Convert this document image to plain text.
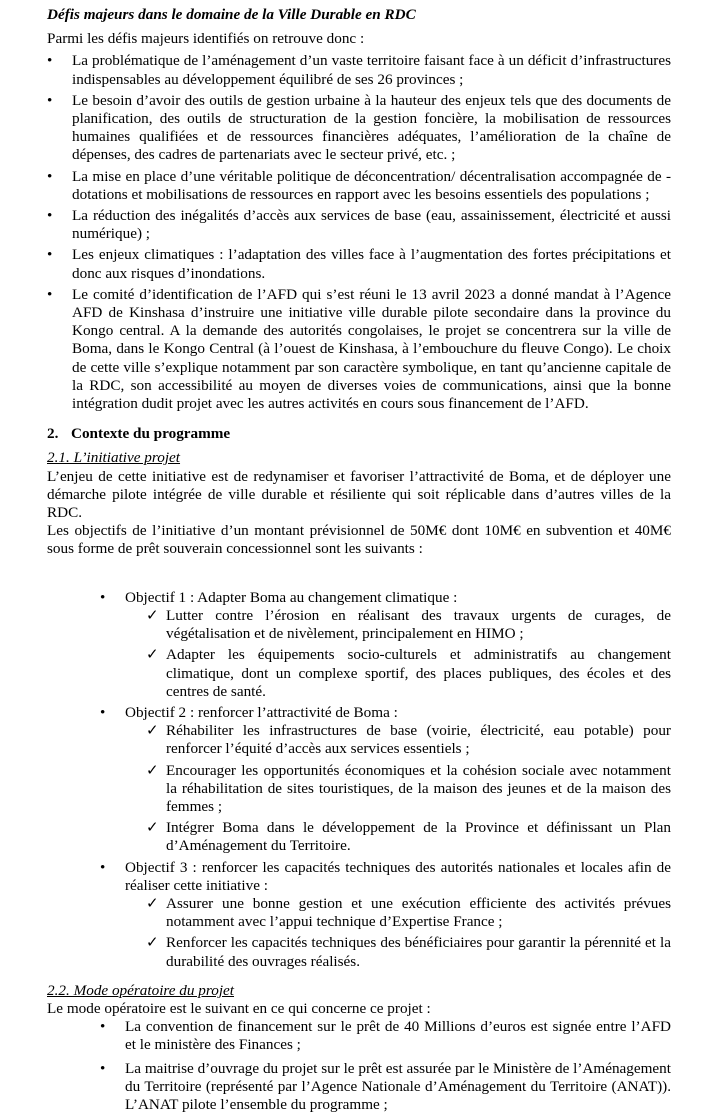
Défis majeurs dans le domaine de la Ville Durable en RDC

Parmi les défis majeurs identifiés on retrouve donc :

• La problématique de l’aménagement d’un vaste territoire faisant face à un déficit d’infrastructures indispensables au développement équilibré de ses 26 provinces ;
• Le besoin d’avoir des outils de gestion urbaine à la hauteur des enjeux tels que des documents de planification, des outils de structuration de la gestion foncière, la mobilisation de ressources humaines qualifiées et de ressources financières adéquates, l’amélioration de la chaîne de dépenses, des cadres de partenariats avec le secteur privé, etc. ;
• La mise en place d’une véritable politique de déconcentration/ décentralisation accompagnée de - dotations et mobilisations de ressources en rapport avec les besoins essentiels des populations ;
• La réduction des inégalités d’accès aux services de base (eau, assainissement, électricité et aussi numérique) ;
• Les enjeux climatiques : l’adaptation des villes face à l’augmentation des fortes précipitations et donc aux risques d’inondations.
• Le comité d’identification de l’AFD qui s’est réuni le 13 avril 2023 a donné mandat à l’Agence AFD de Kinshasa d’instruire une initiative ville durable pilote secondaire dans la province du Kongo central. A la demande des autorités congolaises, le projet se concentrera sur la ville de Boma, dans le Kongo Central (à l’ouest de Kinshasa, à l’embouchure du fleuve Congo). Le choix de cette ville s’explique notamment par son caractère symbolique, en tant qu’ancienne capitale de la RDC, son accessibilité au moyen de diverses voies de communications, ainsi que la bonne intégration dudit projet avec les autres activités en cours sous financement de l’AFD.

2. Contexte du programme

2.1. L’initiative projet

L’enjeu de cette initiative est de redynamiser et favoriser l’attractivité de Boma, et de déployer une démarche pilote intégrée de ville durable et résiliente qui soit réplicable dans d’autres villes de la RDC.

Les objectifs de l’initiative d’un montant prévisionnel de 50M€ dont 10M€ en subvention et 40M€ sous forme de prêt souverain concessionnel sont les suivants :

• Objectif 1 : Adapter Boma au changement climatique :
✓ Lutter contre l’érosion en réalisant des travaux urgents de curages, de végétalisation et de nivèlement, principalement en HIMO ;
✓ Adapter les équipements socio-culturels et administratifs au changement climatique, dont un complexe sportif, des places publiques, des écoles et des centres de santé.
• Objectif 2 : renforcer l’attractivité de Boma :
✓ Réhabiliter les infrastructures de base (voirie, électricité, eau potable) pour renforcer l’équité d’accès aux services essentiels ;
✓ Encourager les opportunités économiques et la cohésion sociale avec notamment la réhabilitation de sites touristiques, de la maison des jeunes et de la maison des femmes ;
✓ Intégrer Boma dans le développement de la Province et définissant un Plan d’Aménagement du Territoire.
• Objectif 3 : renforcer les capacités techniques des autorités nationales et locales afin de réaliser cette initiative :
✓ Assurer une bonne gestion et une exécution efficiente des activités prévues notamment avec l’appui technique d’Expertise France ;
✓ Renforcer les capacités techniques des bénéficiaires pour garantir la pérennité et la durabilité des ouvrages réalisés.

2.2. Mode opératoire du projet

Le mode opératoire est le suivant en ce qui concerne ce projet :

• La convention de financement sur le prêt de 40 Millions d’euros est signée entre l’AFD et le ministère des Finances ;
• La maitrise d’ouvrage du projet sur le prêt est assurée par le Ministère de l’Aménagement du Territoire (représenté par l’Agence Nationale d’Aménagement du Territoire (ANAT)). L’ANAT pilote l’ensemble du programme ;
